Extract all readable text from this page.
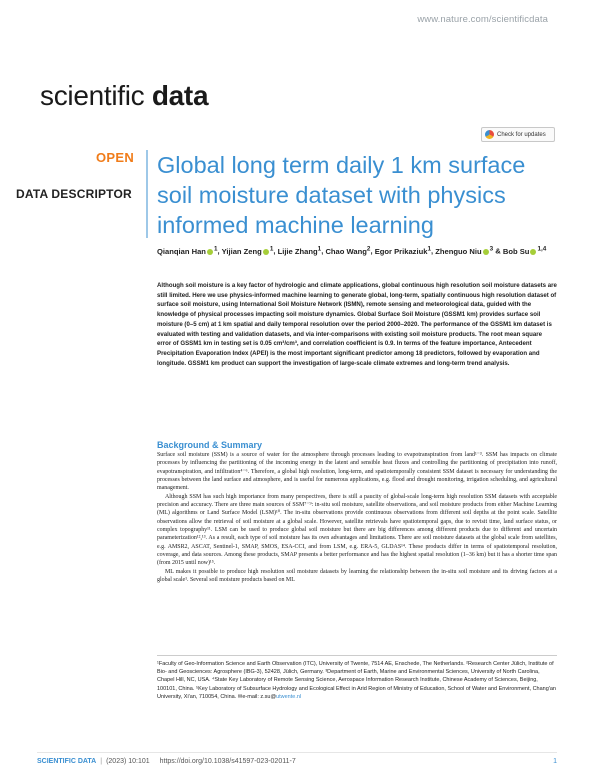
www.nature.com/scientificdata
scientific data
Check for updates
OPEN
DATA DESCRIPTOR
Global long term daily 1 km surface soil moisture dataset with physics informed machine learning
Qianqian Han $^1$, Yijian Zeng $^1$, Lijie Zhang$^1$, Chao Wang$^2$, Egor Prikaziuk$^1$, Zhenguo Niu $^3$ & Bob Su $^{1,4}$

Although soil moisture is a key factor of hydrologic and climate applications, global continuous high resolution soil moisture datasets are still limited. Here we use physics-informed machine learning to generate global, long-term, spatially continuous high resolution dataset of surface soil moisture, using International Soil Moisture Network (ISMN), remote sensing and meteorological data, guided with the knowledge of physical processes impacting soil moisture dynamics. Global Surface Soil Moisture (GSSM1 km) provides surface soil moisture (0–5 cm) at 1 km spatial and daily temporal resolution over the period 2000–2020. The performance of the GSSM1 km dataset is evaluated with testing and validation datasets, and via inter-comparisons with existing soil moisture products. The root mean square error of GSSM1 km in testing set is 0.05 cm³/cm³, and correlation coefficient is 0.9. In terms of the feature importance, Antecedent Precipitation Evaporation Index (APEI) is the most important significant predictor among 18 predictors, followed by evaporation and longitude. GSSM1 km product can support the investigation of large-scale climate extremes and long-term trend analysis.

Background & Summary

Surface soil moisture (SSM) is a source of water for the atmosphere through processes leading to evapotranspiration from land¹⁻³. SSM has impacts on climate processes by influencing the partitioning of the incoming energy in the latent and sensible heat fluxes and controlling the partitioning of precipitation into runoff, evapotranspiration, and infiltration⁴⁻⁶. Therefore, a global high resolution, long-term, and spatiotemporally consistent SSM dataset is necessary for understanding the processes between the land surface and atmosphere, and is useful for numerous applications, e.g. flood and drought monitoring, irrigation scheduling, and agricultural management.

Although SSM has such high importance from many perspectives, there is still a paucity of global-scale long-term high resolution SSM datasets with acceptable precision and accuracy. There are three main sources of SSM⁷⁻⁹: in-situ soil moisture, satellite observations, and soil moisture products from either Machine Learning (ML) algorithms or Land Surface Model (LSM)¹⁰. The in-situ observations provide continuous observations from different soil depths at the point scale. Satellite observations allow the retrieval of soil moisture at a global scale. However, satellite retrievals have spatiotemporal gaps, due to revisit time, land surface status, or complex topography¹¹. LSM can be used to produce global soil moisture but there are big differences among different products due to different and uncertain parameterization¹²,¹³. As a result, each type of soil moisture has its own advantages and limitations. There are soil moisture datasets at the global scale from satellites, e.g. AMSR2, ASCAT, Sentinel-1, SMAP, SMOS, ESA-CCI, and from LSM, e.g. ERA-5, GLDAS¹⁴. These products differ in terms of spatiotemporal resolution, coverage, and data sources. Among these products, SMAP presents a better performance and has the highest spatial resolution (1–36 km) but it has a shorter time span (from 2015 until now)¹⁵.

ML makes it possible to produce high resolution soil moisture datasets by learning the relationship between the in-situ soil moisture and its driving factors at a global scale¹. Several soil moisture products based on ML

¹Faculty of Geo-Information Science and Earth Observation (ITC), University of Twente, 7514 AE, Enschede, The Netherlands. ²Research Center Jülich, Institute of Bio- and Geosciences: Agrosphere (IBG-3), 52428, Jülich, Germany. ³Department of Earth, Marine and Environmental Sciences, University of North Carolina, Chapel Hill, NC, USA. ⁴State Key Laboratory of Remote Sensing Science, Aerospace Information Research Institute, Chinese Academy of Sciences, Beijing, 100101, China. ⁵Key Laboratory of Subsurface Hydrology and Ecological Effect in Arid Region of Ministry of Education, School of Water and Environment, Chang'an University, Xi'an, 710054, China. ✉e-mail: z.su@utwente.nl
SCIENTIFIC DATA | (2023) 10:101
https://doi.org/10.1038/s41597-023-02011-7	1
